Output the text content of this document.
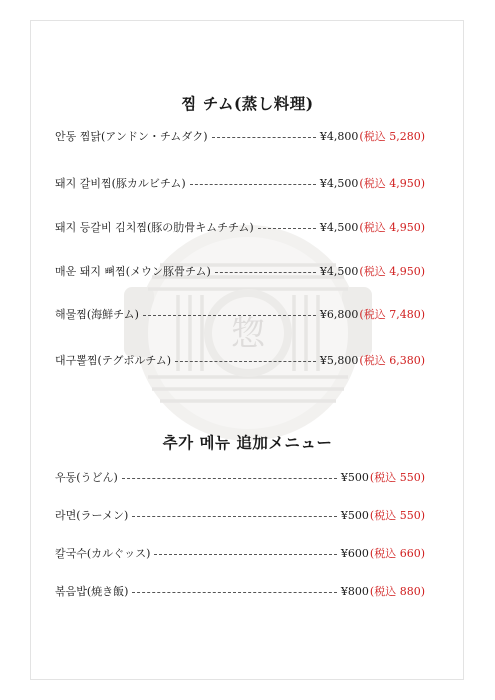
惣
찜 チム(蒸し料理)
안동 찜닭(アンドン・チムダク)	¥4,800 (税込 5,280)
돼지 갈비찜(豚カルビチム)	¥4,500 (税込 4,950)
돼지 등갈비 김치찜(豚の肋骨キムチチム)	¥4,500 (税込 4,950)
매운 돼지 뼈찜(メウン豚骨チム)	¥4,500 (税込 4,950)
해물찜(海鮮チム)	¥6,800 (税込 7,480)
대구뽈찜(テグポルチム)	¥5,800 (税込 6,380)
추가 메뉴 追加メニュー
우동(うどん)	¥500 (税込 550)
라면(ラーメン)	¥500 (税込 550)
칼국수(カルぐッス)	¥600 (税込 660)
볶음밥(焼き飯)	¥800 (税込 880)
